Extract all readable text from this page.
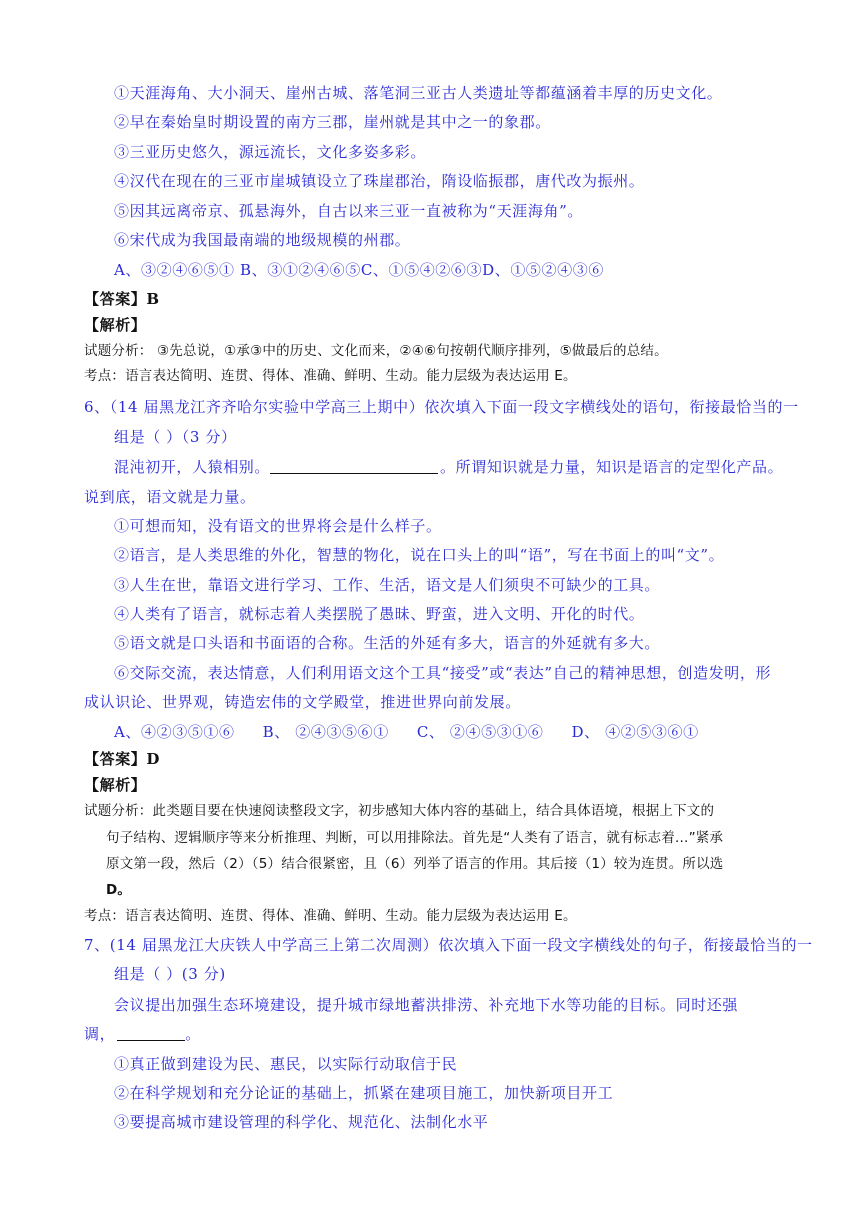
①天涯海角、大小洞天、崖州古城、落笔洞三亚古人类遗址等都蕴涵着丰厚的历史文化。
②早在秦始皇时期设置的南方三郡，崖州就是其中之一的象郡。
③三亚历史悠久，源远流长，文化多姿多彩。
④汉代在现在的三亚市崖城镇设立了珠崖郡治，隋设临振郡，唐代改为振州。
⑤因其远离帝京、孤悬海外，自古以来三亚一直被称为“天涯海角”。
⑥宋代成为我国最南端的地级规模的州郡。
A、③②④⑥⑤① B、③①②④⑥⑤C、①⑤④②⑥③D、①⑤②④③⑥
【答案】B
【解析】
试题分析： ③先总说，①承③中的历史、文化而来，②④⑥句按朝代顺序排列，⑤做最后的总结。
考点：语言表达简明、连贯、得体、准确、鲜明、生动。能力层级为表达运用 E。
6、（14 届黑龙江齐齐哈尔实验中学高三上期中）依次填入下面一段文字横线处的语句，衔接最恰当的一
组是（ ）（3 分）
混沌初开，人猿相别。	。所谓知识就是力量，知识是语言的定型化产品。
说到底，语文就是力量。
①可想而知，没有语文的世界将会是什么样子。
②语言，是人类思维的外化，智慧的物化，说在口头上的叫“语”，写在书面上的叫“文”。
③人生在世，靠语文进行学习、工作、生活，语文是人们须臾不可缺少的工具。
④人类有了语言，就标志着人类摆脱了愚昧、野蛮，进入文明、开化的时代。
⑤语文就是口头语和书面语的合称。生活的外延有多大，语言的外延就有多大。
⑥交际交流，表达情意，人们利用语文这个工具“接受”或“表达”自己的精神思想，创造发明，形
成认识论、世界观，铸造宏伟的文学殿堂，推进世界向前发展。
A、④②③⑤①⑥ B、 ②④③⑤⑥① C、 ②④⑤③①⑥ D、 ④②⑤③⑥①
【答案】D
【解析】
试题分析：此类题目要在快速阅读整段文字，初步感知大体内容的基础上，结合具体语境，根据上下文的
句子结构、逻辑顺序等来分析推理、判断，可以用排除法。首先是“人类有了语言，就有标志着…”紧承
原文第一段，然后（2）（5）结合很紧密，且（6）列举了语言的作用。其后接（1）较为连贯。所以选
D。
考点：语言表达简明、连贯、得体、准确、鲜明、生动。能力层级为表达运用 E。
7、(14 届黑龙江大庆铁人中学高三上第二次周测）依次填入下面一段文字横线处的句子，衔接最恰当的一
组是（ ）(3 分)
会议提出加强生态环境建设，提升城市绿地蓄洪排涝、补充地下水等功能的目标。同时还强
调，	。
①真正做到建设为民、惠民，以实际行动取信于民
②在科学规划和充分论证的基础上，抓紧在建项目施工，加快新项目开工
③要提高城市建设管理的科学化、规范化、法制化水平
